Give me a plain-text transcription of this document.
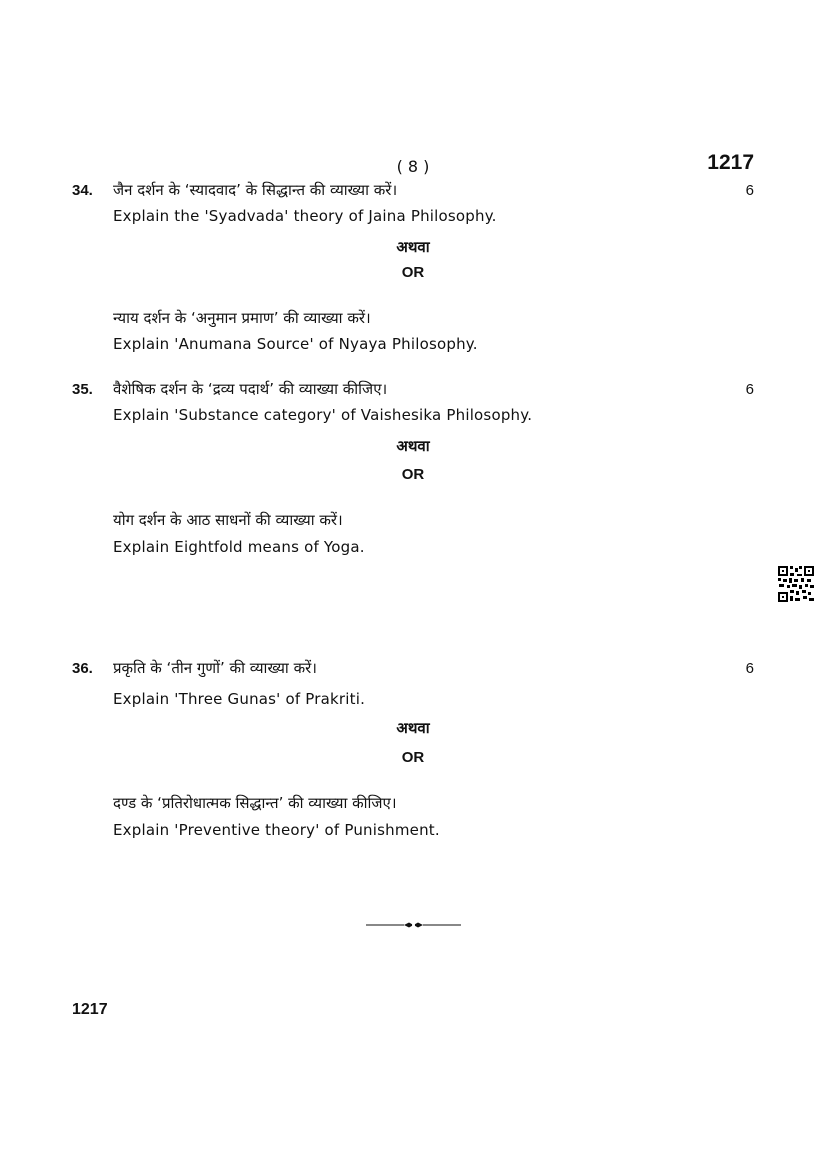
( 8 )	1217
34. जैन दर्शन के ‘स्यादवाद’ के सिद्धान्त की व्याख्या करें।	6
Explain the 'Syadvada' theory of Jaina Philosophy.
अथवा
OR
न्याय दर्शन के ‘अनुमान प्रमाण’ की व्याख्या करें।
Explain 'Anumana Source' of Nyaya Philosophy.
35. वैशेषिक दर्शन के ‘द्रव्य पदार्थ’ की व्याख्या कीजिए।	6
Explain 'Substance category' of Vaishesika Philosophy.
अथवा
OR
योग दर्शन के आठ साधनों की व्याख्या करें।
Explain Eightfold means of Yoga.
36. प्रकृति के ‘तीन गुणों’ की व्याख्या करें।	6
Explain 'Three Gunas' of Prakriti.
अथवा
OR
दण्ड के ‘प्रतिरोधात्मक सिद्धान्त’ की व्याख्या कीजिए।
Explain 'Preventive theory' of Punishment.
1217
